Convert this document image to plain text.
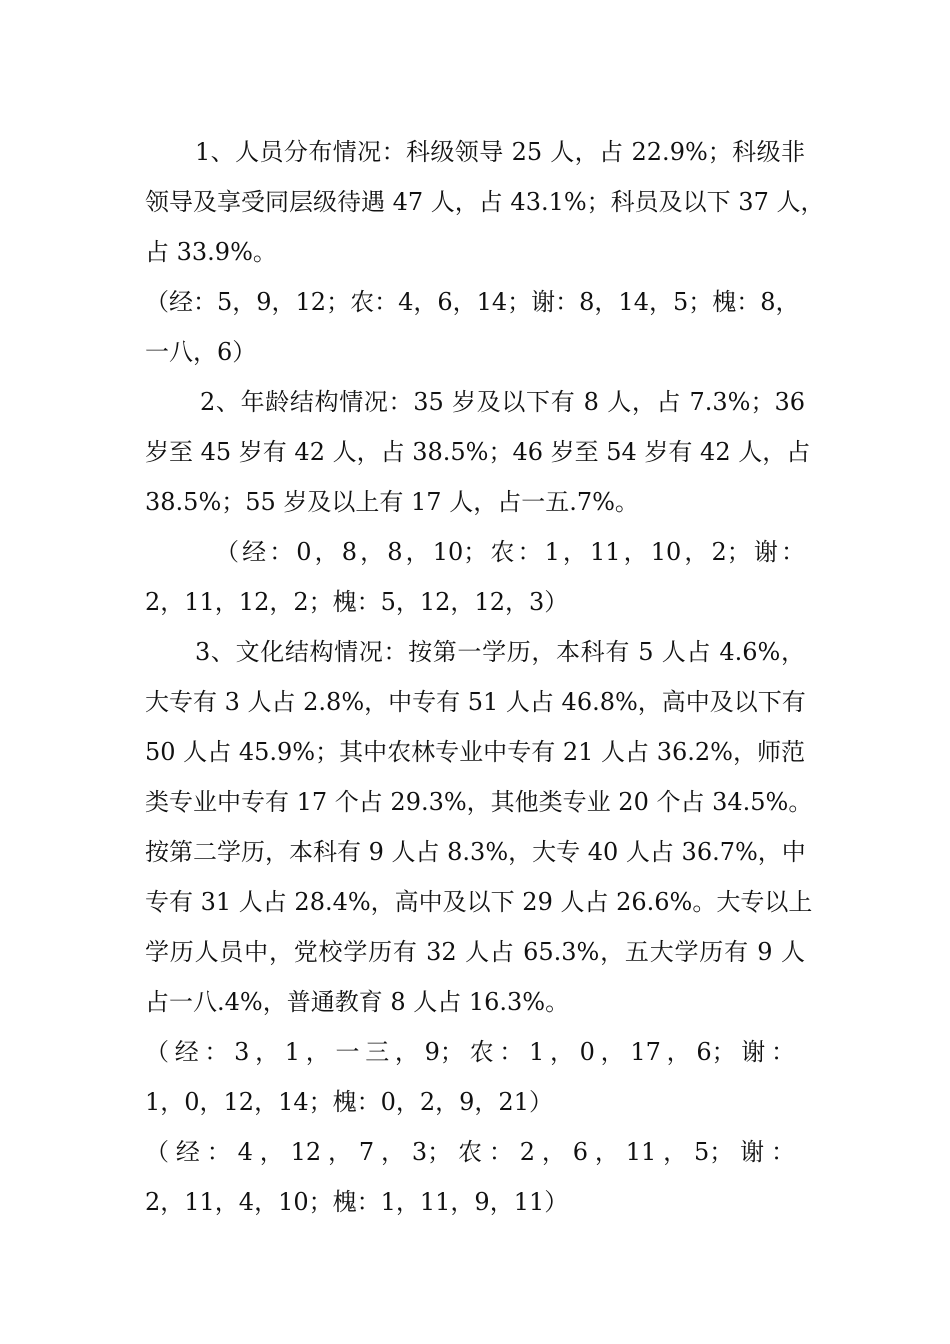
1、人员分布情况：科级领导 25 人，占 22.9%；科级非
领导及享受同层级待遇 47 人，占 43.1%；科员及以下 37 人，
占 33.9%。
（经：5，9，12；农：4，6，14；谢：8，14，5；槐：8，
一八，6）
2、年龄结构情况：35 岁及以下有 8 人，占 7.3%；36
岁至 45 岁有 42 人，占 38.5%；46 岁至 54 岁有 42 人，占
38.5%；55 岁及以上有 17 人，占一五.7%。
（经：0，8，8，10；农：1，11，10，2；谢：
2，11，12，2；槐：5，12，12，3）
3、文化结构情况：按第一学历，本科有 5 人占 4.6%，
大专有 3 人占 2.8%，中专有 51 人占 46.8%，高中及以下有
50 人占 45.9%；其中农林专业中专有 21 人占 36.2%，师范
类专业中专有 17 个占 29.3%，其他类专业 20 个占 34.5%。
按第二学历，本科有 9 人占 8.3%，大专 40 人占 36.7%，中
专有 31 人占 28.4%，高中及以下 29 人占 26.6%。大专以上
学历人员中，党校学历有 32 人占 65.3%，五大学历有 9 人
占一八.4%，普通教育 8 人占 16.3%。
（经：3，1，一三，9；农：1，0，17，6；谢：
1，0，12，14；槐：0，2，9，21）
（经：4，12，7，3；农：2，6，11，5；谢：
2，11，4，10；槐：1，11，9，11）
